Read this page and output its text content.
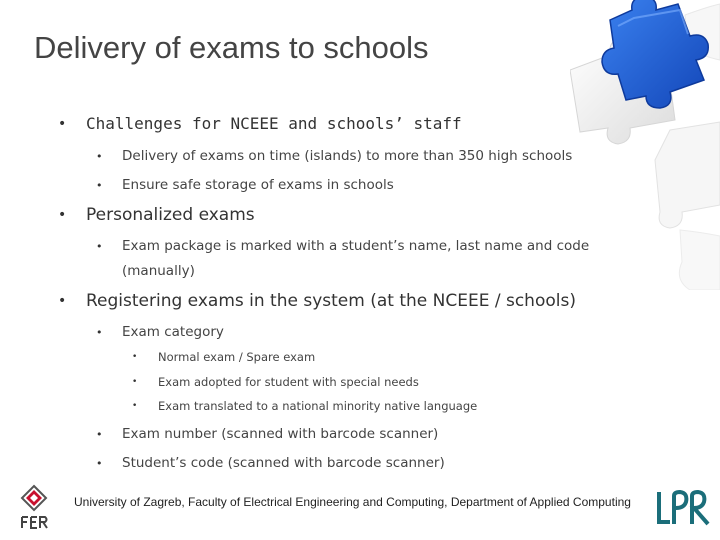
Delivery of exams to schools
• Challenges for NCEEE and schools’ staff
• Delivery of exams on time (islands) to more than 350 high schools
• Ensure safe storage of exams in schools
• Personalized exams
• Exam package is marked with a student’s name, last name and code
(manually)
• Registering exams in the system (at the NCEEE / schools)
• Exam category
• Normal exam / Spare exam
• Exam adopted for student with special needs
• Exam translated to a national minority native language
• Exam number (scanned with barcode scanner)
• Student’s code (scanned with barcode scanner)
University of Zagreb, Faculty of Electrical Engineering and Computing, Department of Applied Computing
